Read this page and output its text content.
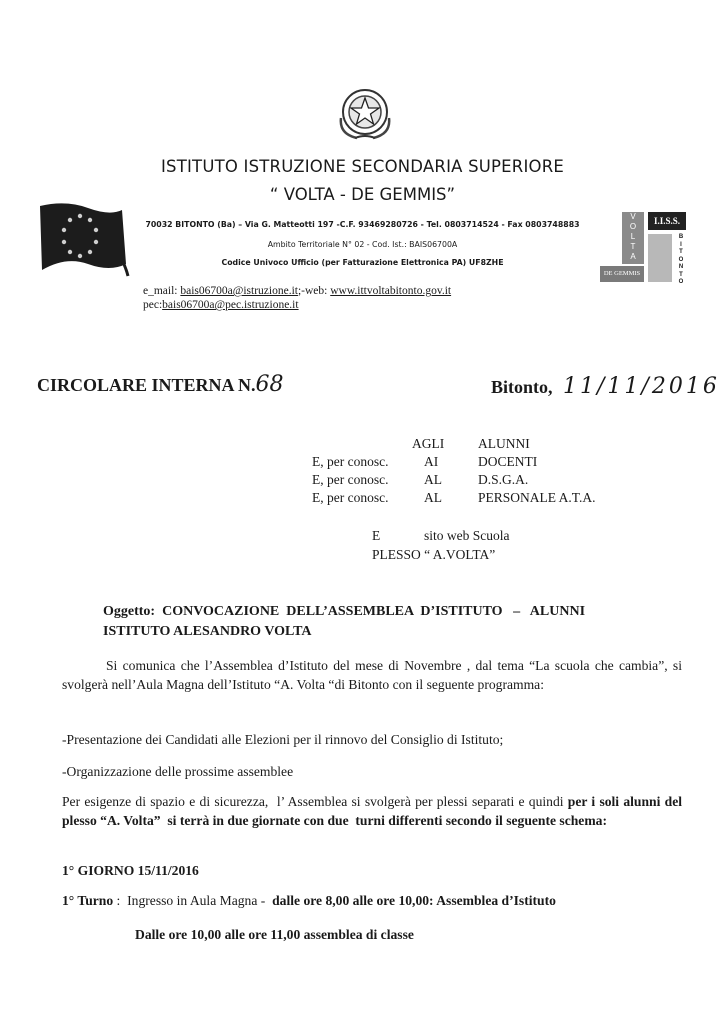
ISTITUTO ISTRUZIONE SECONDARIA SUPERIORE
“ VOLTA - DE GEMMIS”
70032 BITONTO (Ba) – Via G. Matteotti 197 -C.F. 93469280726 - Tel. 0803714524 - Fax 0803748883
Ambito Territoriale N° 02 - Cod. Ist.: BAIS06700A
Codice Univoco Ufficio (per Fatturazione Elettronica PA) UF8ZHE
V
O
L
T
A
I.I.S.S.
DE GEMMIS
B
I
T
O
N
T
O
e_mail: bais06700a@istruzione.it;-web: www.ittvoltabitonto.gov.it
pec:bais06700a@pec.istruzione.it
CIRCOLARE INTERNA N.68	Bitonto, 11/11/2016
AGLI	ALUNNI
E, per conosc.	AI	DOCENTI
E, per conosc.	AL	D.S.G.A.
E, per conosc.	AL	PERSONALE A.T.A.
E	sito web Scuola
PLESSO “ A.VOLTA”
Oggetto:  CONVOCAZIONE  DELL’ASSEMBLEA  D’ISTITUTO   –   ALUNNI
ISTITUTO ALESANDRO VOLTA
Si comunica che l’Assemblea d’Istituto del mese di Novembre , dal tema “La scuola che cambia”, si svolgerà nell’Aula Magna dell’Istituto “A. Volta “di Bitonto con il seguente programma:
-Presentazione dei Candidati alle Elezioni per il rinnovo del Consiglio di Istituto;
-Organizzazione delle prossime assemblee
Per esigenze di spazio e di sicurezza,  l’ Assemblea si svolgerà per plessi separati e quindi per i soli alunni del plesso “A. Volta”  si terrà in due giornate con due  turni differenti secondo il seguente schema:
1° GIORNO 15/11/2016
1° Turno :  Ingresso in Aula Magna -  dalle ore 8,00 alle ore 10,00: Assemblea d’Istituto
Dalle ore 10,00 alle ore 11,00 assemblea di classe
